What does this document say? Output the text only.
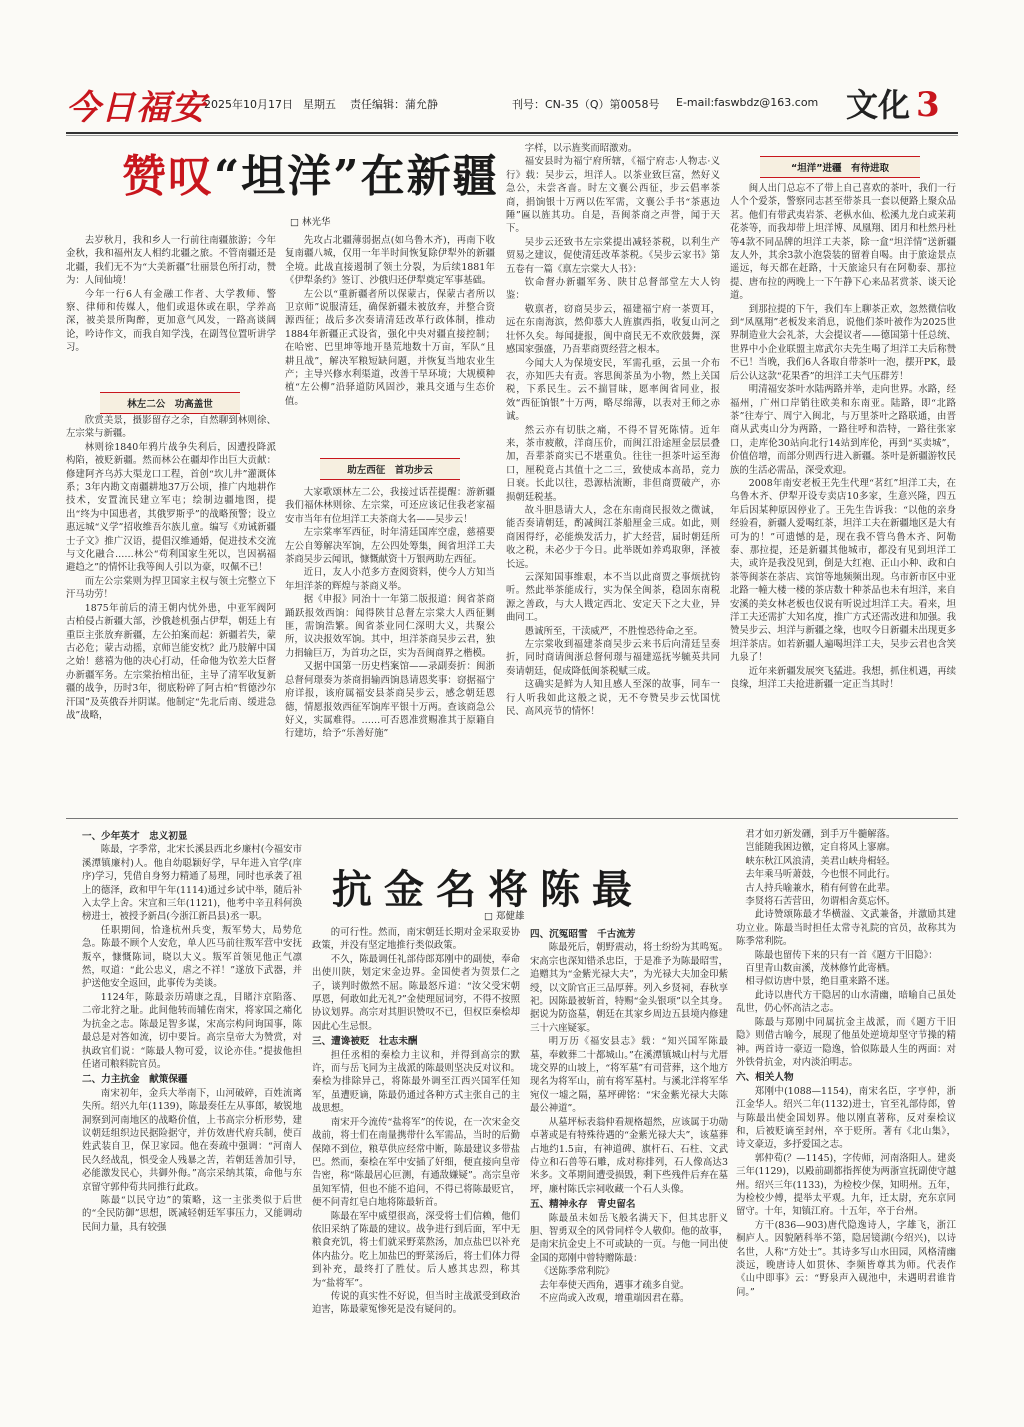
今日福安
2025年10月17日 星期五 责任编辑：蒲允静	刊号：CN-35（Q）第0058号 E-mail:faswbdz@163.com 文化 3
赞叹“坦洋”在新疆
□ 林光华

去岁秋月，我和乡人一行前往南疆旅游；今年金秋，我和福州友人相约北疆之旅。不管南疆还是北疆，我们无不为“大美新疆”壮丽景色所打动，赞为：人间仙境！

今年一行6人有金融工作者、大学教师、警察、律师和传媒人，他们或退休或在职，学养高深，被美景所陶醉，更加意气风发，一路高谈阔论，吟诗作文，而我自知学浅，在副驾位置听讲学习。

林左二公　功高盖世

欣赏美景，摄影留存之余，自然聊到林则徐、左宗棠与新疆。

林则徐1840年鸦片战争失利后，因遭投降派构陷，被贬新疆。然而林公在疆却作出巨大贡献：修建阿齐乌苏大渠龙口工程，首创“坎儿井”灌溉体系；3年内勘文南疆耕地37万公顷，推广内地耕作技术，安置流民建立军屯；绘制边疆地图，提出“终为中国患者，其俄罗斯乎”的战略预警；设立惠远城“义学”招收维吾尔族儿童。编写《劝诫新疆士子文》推广汉语，提倡汉维通婚，促进技术交流与文化融合……林公“苟利国家生死以，岂因祸福避趋之”的情怀让我等闽人引以为豪，叹佩不已！

而左公宗棠则为捍卫国家主权与领土完整立下汗马功劳！

1875年前后的清王朝内忧外患，中亚军阀阿古柏侵占新疆大部，沙俄趁机强占伊犁，朝廷上有重臣主张放弃新疆，左公拍案而起：新疆若失，蒙古必危；蒙古动摇，京师岂能安枕？此乃肢解中国之始！慈禧为他的决心打动，任命他为钦差大臣督办新疆军务。左宗棠抬棺出征，主导了清军收复新疆的战争，历时3年，彻底粉碎了阿古柏“哲德沙尔汗国”及英俄吞并阴谋。他制定“先北后南、缓进急战”战略，

先攻占北疆薄弱据点(如乌鲁木齐)，再南下收复南疆八城，仅用一年半时间恢复除伊犁外的新疆全境。此战直接遏制了领土分裂，为后续1881年《伊犁条约》签订、沙俄归还伊犁奠定军事基础。

左公以“重新疆者所以保蒙古，保蒙古者所以卫京师”说服清廷，确保新疆未被放弃，并整合资源西征；战后多次奏请清廷改革行政体制，推动1884年新疆正式设省，强化中央对疆直接控制；在哈密、巴里坤等地开垦荒地数十万亩，军队“且耕且战”，解决军粮短缺问题，并恢复当地农业生产；主导兴修水利渠道，改善干旱环境；大规模种植“左公柳”沿驿道防风固沙，兼具交通与生态价值。

助左西征　首功步云

大家歌颂林左二公，我接过话茬提醒：游新疆我们福休林则徐、左宗棠，可还应该记住我老家福安市当年有位坦洋工夫茶商大名——吴步云！

左宗棠率军西征，时年清廷国库空虚，慈禧要左公自筹解决军饷，左公四处筹集，闽省坦洋工夫茶商吴步云闻讯，慷慨献资十万银两助左西征。

近日，友人小范多方查阅资料，使今人方知当年坦洋茶的辉煌与茶商义举。

据《申报》同治十一年第二版报道：闽省茶商踊跃报效西饷：闻得陕甘总督左宗棠大人西征剿匪，需饷浩繁。闽省茶业同仁深明大义，共聚公所，议决报效军饷。其中，坦洋茶商吴步云君，独力捐输巨万，为首功之臣，实为吾闽商界之楷模。

又据中国第一历史档案馆——录副奏折：闽浙总督何璟奏为茶商捐输西饷恳请恩奖事：窃据福宁府详报，该府属福安县茶商吴步云，感念朝廷恩德，情愿报效西征军饷库平银十万两。查该商急公好义，实属难得。……可否恩准赏赐准其于原籍自行建坊，给予“乐善好施”

字样，以示旌奖而昭激劝。

福安县时为福宁府所辖，《福宁府志·人物志·义行》载：吴步云，坦洋人。以茶业致巨富，然好义急公，未尝吝啬。时左文襄公西征，步云倡率茶商，捐饷银十万两以佐军需，文襄公手书“茶惠边陲”匾以旌其功。自是，吾闽茶商之声誉，闻于天下。

吴步云还致书左宗棠提出减轻茶税，以利生产贸易之建议，促使清廷改革茶税。《吴步云家书》第五卷有一篇《禀左宗棠大人书》：

钦命督办新疆军务、陕甘总督部堂左大人钧鉴：

敬禀者，窃商吴步云，福建福宁府一茶贾耳，远在东南海滨，然仰慕大人旌旗西指，收复山河之壮怀久矣。每闻捷报，闽中商民无不欢欣鼓舞，深感国家强盛，乃吾辈商贾经营之根本。

今闻大人为保境安民，军需孔亟，云虽一介布衣，亦知匹夫有责。容思闽茶虽为小物，然上关国税，下系民生。云不揣冒昧，愿率闽省同业，报效“西征饷银”十万两，略尽绵薄，以表对王师之赤诚。

然云亦有切肤之痛，不得不冒死陈情。近年来，茶市疲敝，洋商压价，而闽江沿途厘金层层叠加，吾辈茶商实已不堪重负。往往一担茶叶运至海口，厘税竟占其值十之二三，致使成本高昂，竞力日衰。长此以往，恐源枯流断，非但商贾破产，亦损朝廷税基。

故斗胆恳请大人，念在东南商民报效之微诚，能否奏请朝廷，酌减闽江茶船厘金三成。如此，则商困得纾，必能焕发活力，扩大经营，届时朝廷所收之税，未必少于今日。此举既如养鸡取卵，泽被长远。

云深知国事维艰，本不当以此商贾之事烦扰钧听。然此举茶能成行，实为保全闽茶，稳固东南税源之善政，与大人戡定西北、安定天下之大业，异曲同工。

愚诚所至，干渎威严，不胜惶恐待命之至。

左宗棠收到福建茶商吴步云来书后向清廷呈奏折，同时商请闽浙总督何璟与福建巡抚岑毓英共同奏请朝廷，促成降低闽茶税赋三成。

这确实是鲜为人知且感人至深的故事，同车一行人听我如此这般之说，无不夸赞吴步云忧国忧民、高风亮节的情怀！

“坦洋”进疆　有待进取

闽人出门总忘不了带上自己喜欢的茶叶，我们一行人个个爱茶，警察同志甚至带茶具一套以便路上聚众品茗。他们有带武夷岩茶、老枞水仙、松溪九龙白或茉莉花茶等，而我却带上坦洋博、凤凰翔、团月和杜然丹杜等4款不同品牌的坦洋工夫茶，除一盒“坦洋情”送新疆友人外，其余3款小泡袋装的留着自喝。由于旅途景点遥远，每天都在赶路，十天旅途只有在阿勒泰、那拉提、唐布拉的两晚上一下午静下心来品茗赏茶、谈天论道。

到那拉提的下午，我们车上聊茶正欢，忽然微信收到“凤凰翔”老板发来消息，说他们茶叶被作为2025世界制造业大会礼茶，大会提议者——德国第十任总统、世界中小企业联盟主席武尔夫先生喝了坦洋工夫后称赞不已！当晚，我们6人各取自带茶叶一泡，摆开PK，最后公认这款“花果香”的坦洋工夫气压群芳！

明清福安茶叶水陆两路并举，走向世界。水路，经福州，广州口岸销往欧美和东南亚。陆路，即“北路茶”往寿宁、周宁入闽北，与万里茶叶之路联通，由晋商从武夷山分为两路，一路往呼和浩特，一路往张家口，走库伦30站向北行14站到库伦，再到“买卖城”，价值倍增，而部分则西行进入新疆。茶叶是新疆游牧民族的生活必需品，深受欢迎。

2008年南安老板王先生代理“茗红”坦洋工夫，在乌鲁木齐、伊犁开设专卖店10多家，生意兴隆，四五年后因某种原因停业了。王先生告诉我：“以他的亲身经验看，新疆人爱喝红茶，坦洋工夫在新疆地区是大有可为的！”可遗憾的是，现在我不管乌鲁木齐、阿勒泰、那拉提，还是新疆其他城市，都没有见到坦洋工夫，或许是我没见到，倒是大红袍、正山小种、政和白茶等闽茶在茶店、宾馆等地频频出现。乌市新市区中亚北路一幢大楼一楼的茶店数十种茶品也未有坦洋，来自安溪的美女林老板也仅说有听说过坦洋工夫。看来，坦洋工夫还需扩大知名度，推广方式还需改进和加强。我赞吴步云、坦洋与新疆之缘，也叹今日新疆未出现更多坦洋茶店。如若新疆人遍喝坦洋工夫，吴步云君也含笑九泉了！

近年来新疆发展突飞猛进。我想，抓住机遇，再续良缘，坦洋工夫抢进新疆一定正当其时！

抗金名将陈最
□ 郑健雄

一、少年英才　忠义初显

陈最，字季常，北宋长溪县西北乡廉村(今福安市溪潭镇廉村)人。他自幼聪颖好学，早年进入官学(庠序)学习，凭借自身努力精通了易理，同时也承袭了祖上的德泽，政和甲午年(1114)通过乡试中举，随后补入太学上舍。宋宣和三年(1121)，他考中辛丑科何涣榜进士，被授予新昌(今浙江新昌县)丞一职。

任职期间，恰逢杭州兵变，叛军势大，局势危急。陈最不顾个人安危，单人匹马前往叛军营中安抚叛卒，慷慨陈词，晓以大义。叛军首领见他正气凛然，叹道：“此公忠义，虐之不祥！”遂放下武器，并护送他安全返回，此事传为美谈。

1124年，陈最亲历靖康之乱，目睹汴京陷落、二帝北狩之耻。此间他转而辅佐南宋，将家国之痛化为抗金之志。陈最足智多谋，宋高宗构问询国事，陈最总是对答如流，切中要旨。高宗皇帝大为赞赏，对执政官们说：“陈最人物可爱，议论亦佳。”提拔他担任诸司粮料院官员。

二、力主抗金　献策保疆

南宋初年，金兵大举南下，山河破碎，百姓流离失所。绍兴九年(1139)，陈最奏任左从事郎，敏锐地洞察到河南地区的战略价值，上书高宗分析形势，建议朝廷组织边民据险据守，并仿效唐代府兵制，使百姓武装自卫，保卫家园。他在奏疏中强调：“河南人民久经战乱，惧受金人残暴之苦，若朝廷善加引导，必能激发民心，共御外侮。”高宗采纳其策，命他与东京留守郭仲荀共同推行此政。

陈最“以民守边”的策略，这一主张类似于后世的“全民防御”思想，既减轻朝廷军事压力，又能调动民间力量，具有较强

的可行性。然而，南宋朝廷长期对金采取妥协政策，并没有坚定地推行类似政策。

不久，陈最调任礼部侍郎郑刚中的副使，奉命出使川陕，划定宋金边界。金国使者为贺景仁之子，谈判时傲然不屈。陈最怒斥道：“汝父受宋朝厚恩，何敢如此无礼?”金使理屈词穷，不得不按照协议划界。高宗对其胆识赞叹不已，但权臣秦桧却因此心生忌恨。

三、遭谗被贬　壮志未酬

担任丞相的秦桧力主议和，并得到高宗的默许，而与岳飞同为主战派的陈最则坚决反对议和。秦桧为排除异己，将陈最外调至江西兴国军任知军，虽遭贬谪，陈最仍通过各种方式主张自己的主战思想。

南宋开今流传“盐将军”的传说，在一次宋金交战前，将士们在南量携带什么军需品，当时的后勤保障不到位，粮草供应经常中断，陈最建议多带盐巴。然而，秦桧在军中安插了奸细，便直接向皇帝告密，称“陈最居心叵测，有通敌嫌疑”。高宗皇帝虽知军情，但也不能不追问，不得已将陈最贬官，便不问青红皂白地将陈最斩首。

陈最在军中威望很高，深受将士们信赖，他们依旧采纳了陈最的建议。战争进行到后面，军中无粮食充饥，将士们就采野菜熬汤，加点盐巴以补充体内盐分。吃上加盐巴的野菜汤后，将士们体力得到补充，最终打了胜仗。后人感其忠烈，称其为“盐将军”。

传说的真实性不好说，但当时主战派受到政治迫害，陈最蒙冤惨死是没有疑问的。

四、沉冤昭雪　千古流芳

陈最死后，朝野震动，将士纷纷为其鸣冤。宋高宗也深知错杀忠臣，于是准予为陈最昭雪，追赠其为“金紫光禄大夫”，为光禄大夫加金印紫绶，以文阶官正三品厚葬。列入乡贤祠，春秋享祀。因陈最被斩首，特赐“金头银项”以全其身。据说为防盗墓，朝廷在其家乡周边五县境内修建三十六座疑冢。

明万历《福安县志》载：“知兴国军陈最墓，奉敕葬二十都城山。”在溪潭镇城山村与尤厝垅交界的山坡上，“将军墓”有司营葬，这个地方现名为将军山，前有将军墓村。与溪北洋将军华宛仪一墟之隔，墓坪碑铭：“宋金紫光禄大夫陈最公神道”。

从墓坪标表翁仲看规格超然，应该属于功勋卓著或是有特殊待遇的“金紫光禄大夫”，该墓葬占地约1.5亩，有神道碑、旗杆石、石柱、文武侍立和石兽等石雕，成对称排列，石人像高达3米多。文革期间遭受损毁，剩下些残件后弃在墓坪，廉村陈氏宗祠收藏一个石人头像。

五、精神永存　青史留名

陈最虽未如岳飞般名满天下，但其忠肝义胆、智勇双全的风骨同样令人敬仰。他的故事，是南宋抗金史上不可或缺的一页。与他一同出使金国的郑刚中曾特赠陈最：

《送陈季常利院》

去年奉使天西角，遇事才疏多自觉。

不应尚或入改观，增重端因君在幕。

君才如刃新发硎，到手万牛髓解落。

岂能随我困边徼，定自将风上寥廓。

峡东秋江风浪清，美君山峡舟楫轻。

去年乘马听萧鼓，今也恨不同此行。

古人持兵喻兼水，稍有何曾在此辈。

李贤将石苦营田，勿谓相舍莫忘怀。

此诗赞颂陈最才华横溢、文武兼备，并激励其建功立业。陈最当时担任太常寺礼院的官员，故称其为陈季常利院。

陈最也留传下来的只有一首《题方干旧隐》：

百里青山数亩溪，茂林修竹此寄栖。

相寻似访唐中景，绝目重来路不迷。

此诗以唐代方干隐居的山水清幽，暗喻自己虽处乱世，仍心怀高洁之志。

陈最与郑刚中同属抗金主战派，而《题方干旧隐》则借古喻今，展现了他虽处逆境却坚守节操的精神。两首诗一豪迈一隐逸，恰似陈最人生的两面：对外铁骨抗金，对内淡泊明志。

六、相关人物

郑刚中(1088—1154)，南宋名臣，字亨仲，浙江金华人。绍兴二年(1132)进士，官至礼部侍郎，曾与陈最出使金国划界。他以刚直著称，反对秦桧议和，后被贬谪至封州，卒于贬所。著有《北山集》，诗文豪迈，多抒爱国之志。

郭仲荀(？—1145)，字传师，河南洛阳人。建炎三年(1129)，以殿前副都指挥使为两浙宣抚副使守越州。绍兴三年(1133)，为检校少保，知明州。五年，为检校少傅，提举太平观。九年，迁太尉，充东京同留守。十年，知镇江府。十五年，卒于台州。

方干(836—903)唐代隐逸诗人，字雄飞，浙江桐庐人。因貌陋科举不第，隐居镜湖(今绍兴)，以诗名世，人称“方处士”。其诗多写山水田园，风格清幽淡远，晚唐诗人如贯休、李频皆尊其为师。代表作《山中即事》云：“野泉声入砚池中，未遇明君谁肯问。”
